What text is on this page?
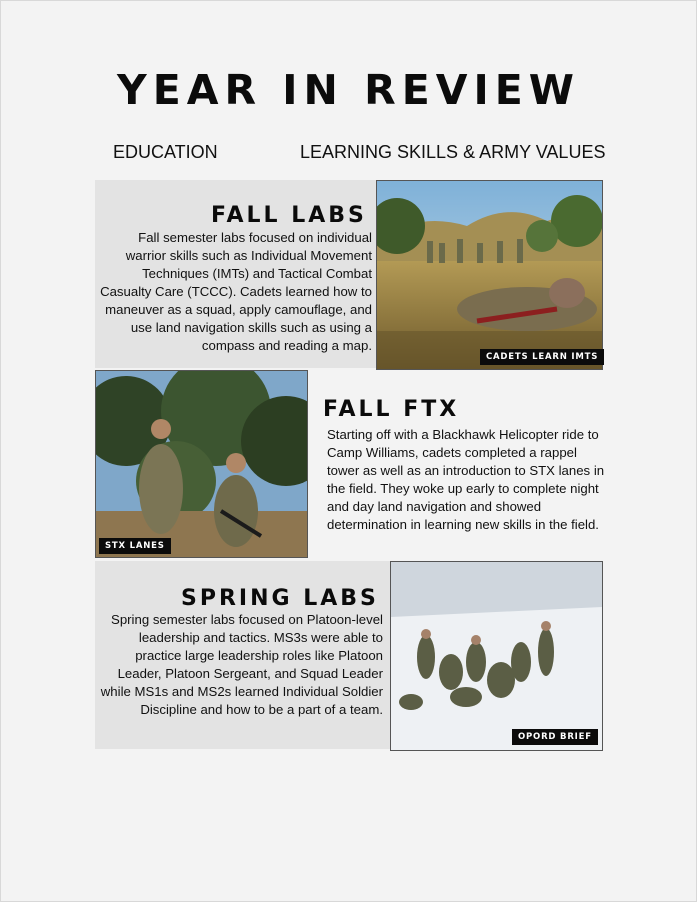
YEAR IN REVIEW
EDUCATION	LEARNING SKILLS & ARMY VALUES
FALL LABS
Fall semester labs focused on individual warrior skills such as Individual Movement Techniques (IMTs) and Tactical Combat Casualty Care (TCCC). Cadets learned how to maneuver as a squad, apply camouflage, and use land navigation skills such as using a compass and reading a map.
CADETS LEARN IMTS
STX LANES
FALL FTX
Starting off with a Blackhawk Helicopter ride to Camp Williams, cadets completed a rappel tower as well as an introduction to STX lanes in the field. They woke up early to complete night and day land navigation and showed determination in learning new skills in the field.
SPRING LABS
Spring semester labs focused on Platoon-level leadership and tactics. MS3s were able to practice large leadership roles like Platoon Leader, Platoon Sergeant, and Squad Leader while MS1s and MS2s learned Individual Soldier Discipline and how to be a part of a team.
OPORD BRIEF
